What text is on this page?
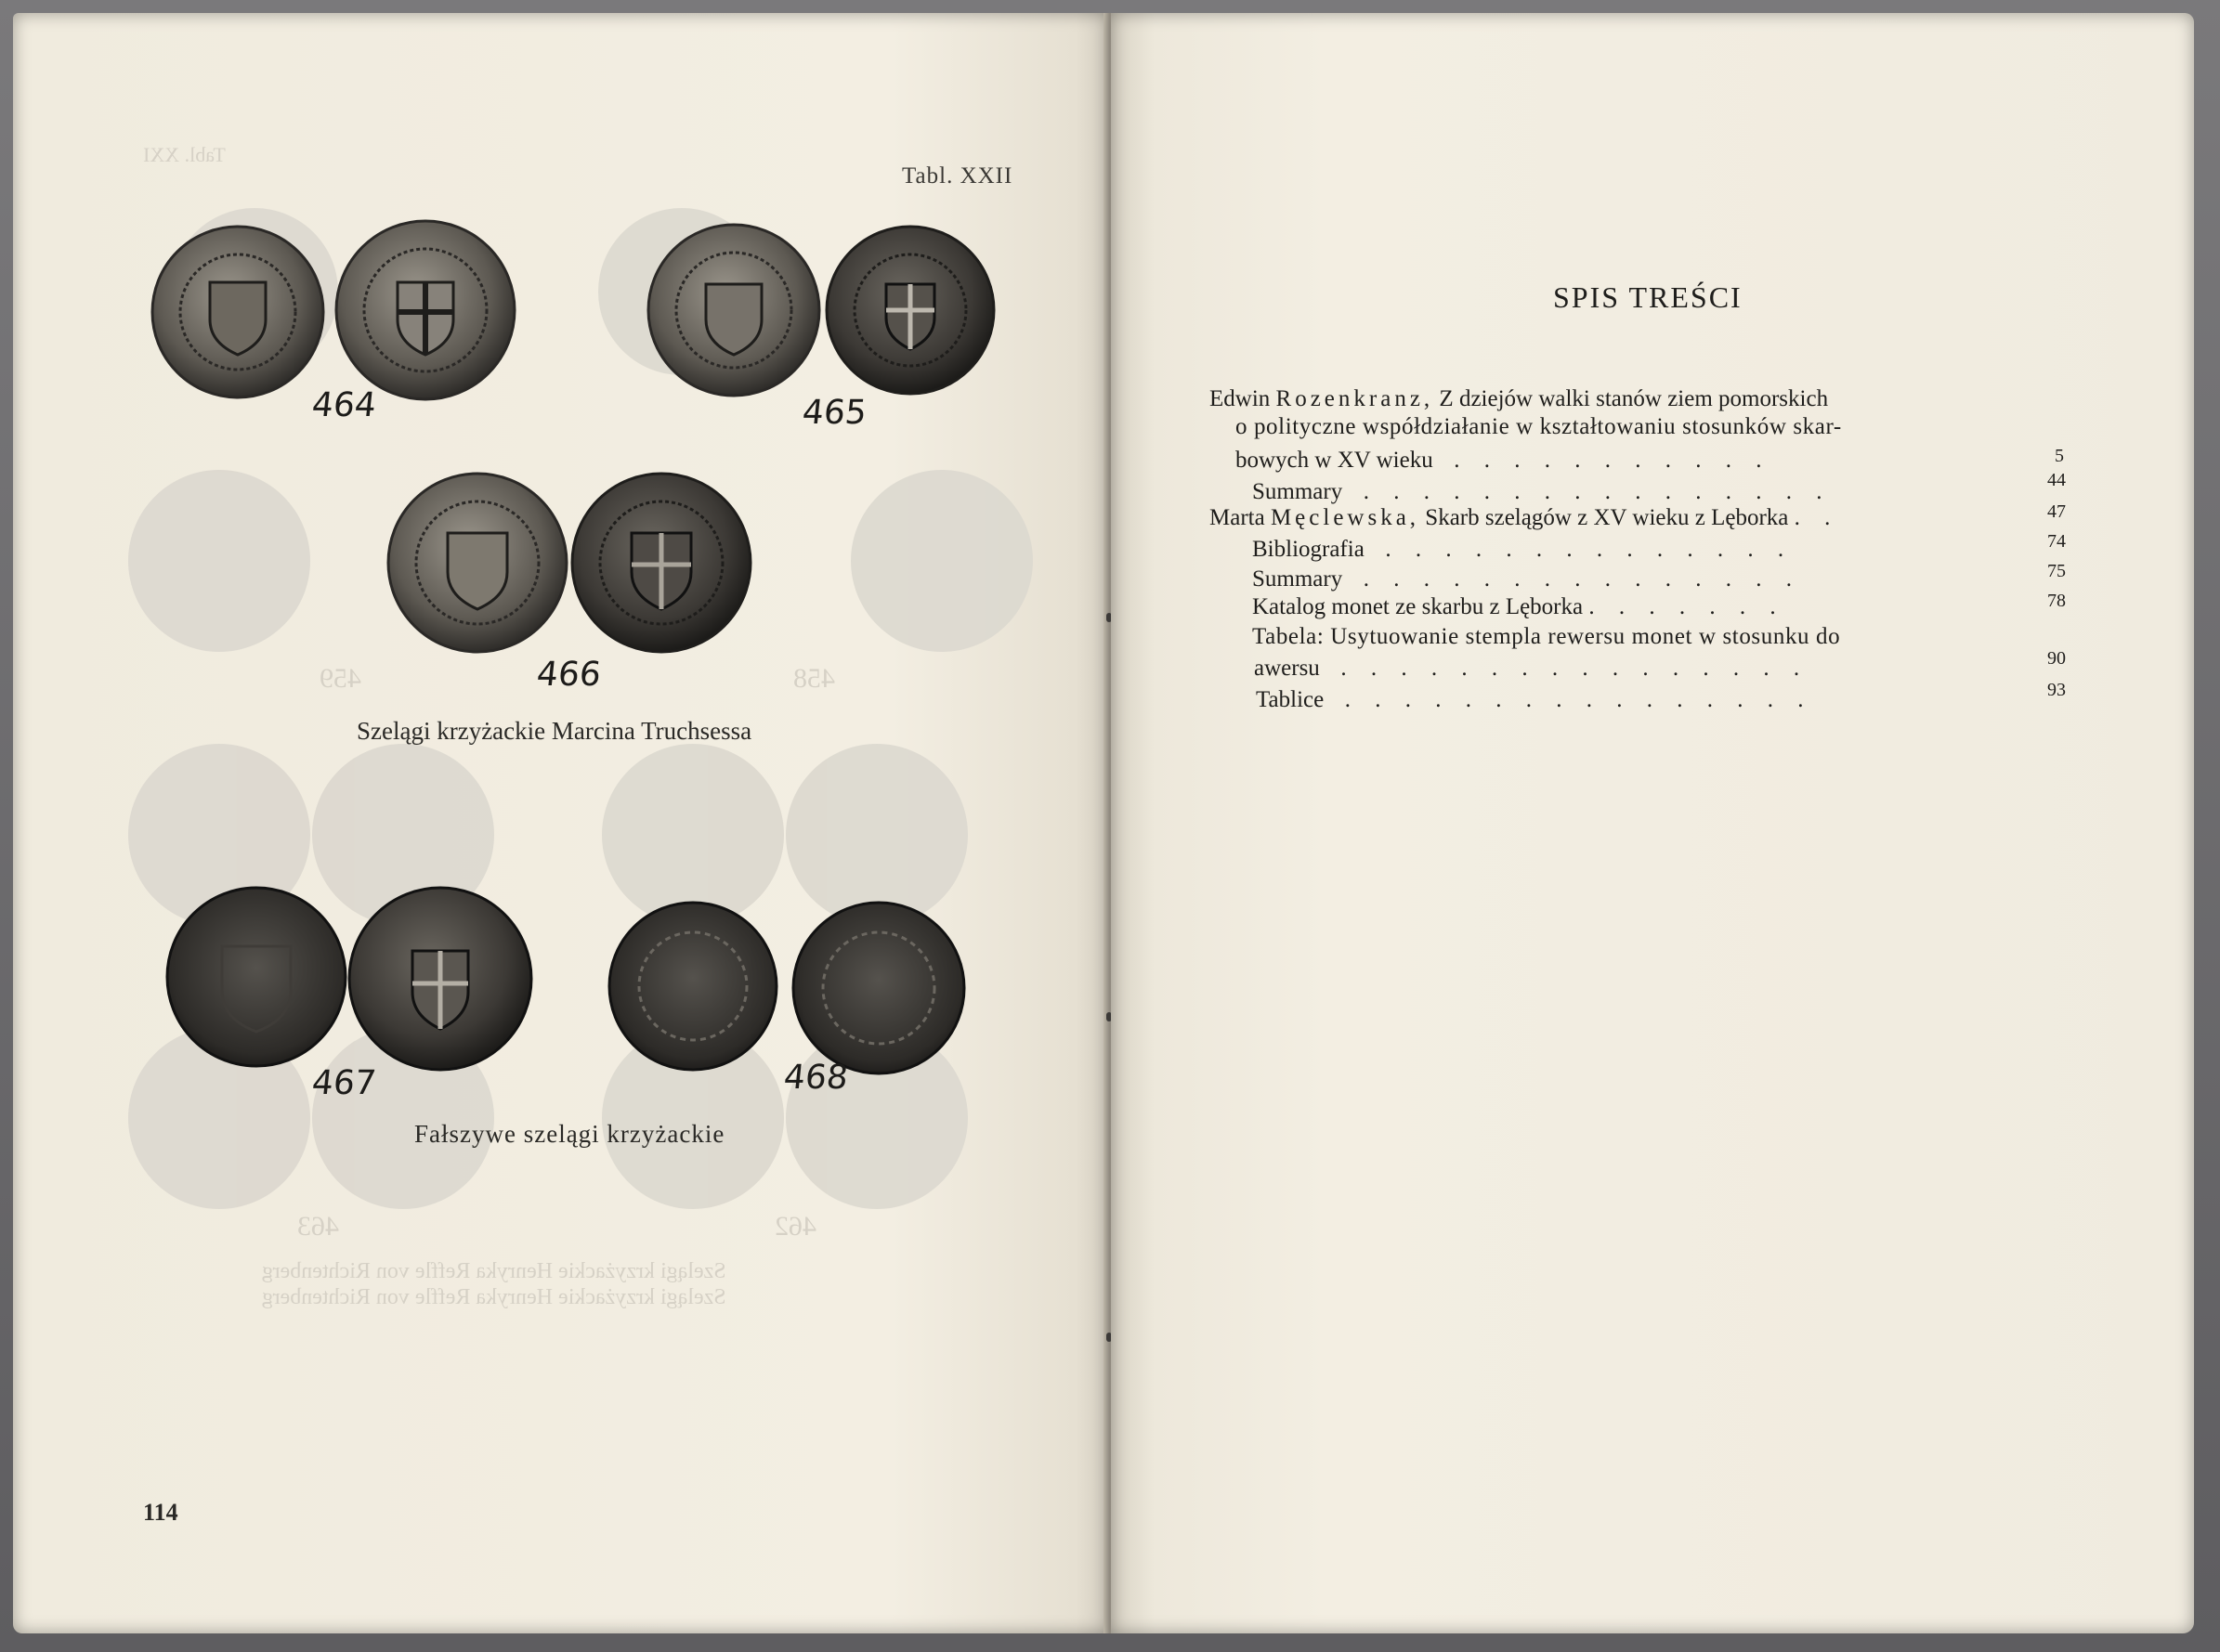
Tabl. XXI
Tabl. XXII
464	465
466
467	468
459	458
463	462
Szelągi krzyżackie Marcina Truchsessa
Fałszywe szelągi krzyżackie
Szelągi krzyżackie Henryka Reffle von Richtenberg
Szelągi krzyżackie Henryka Reffle von Richtenberg
114
SPIS TREŚCI
Edwin Rozenkranz, Z dziejów walki stanów ziem pomorskich
o polityczne współdziałanie w kształtowaniu stosunków skar-
bowych w XV wieku  . . . . . . . . . . .	5
Summary  . . . . . . . . . . . . . . . .	44
Marta Męclewska, Skarb szelągów z XV wieku z Lęborka . .	47
Bibliografia  . . . . . . . . . . . . . .	74
Summary  . . . . . . . . . . . . . . .	75
Katalog monet ze skarbu z Lęborka . . . . . . .	78
Tabela: Usytuowanie stempla rewersu monet w stosunku do
awersu  . . . . . . . . . . . . . . . .	90
Tablice  . . . . . . . . . . . . . . . .	93
